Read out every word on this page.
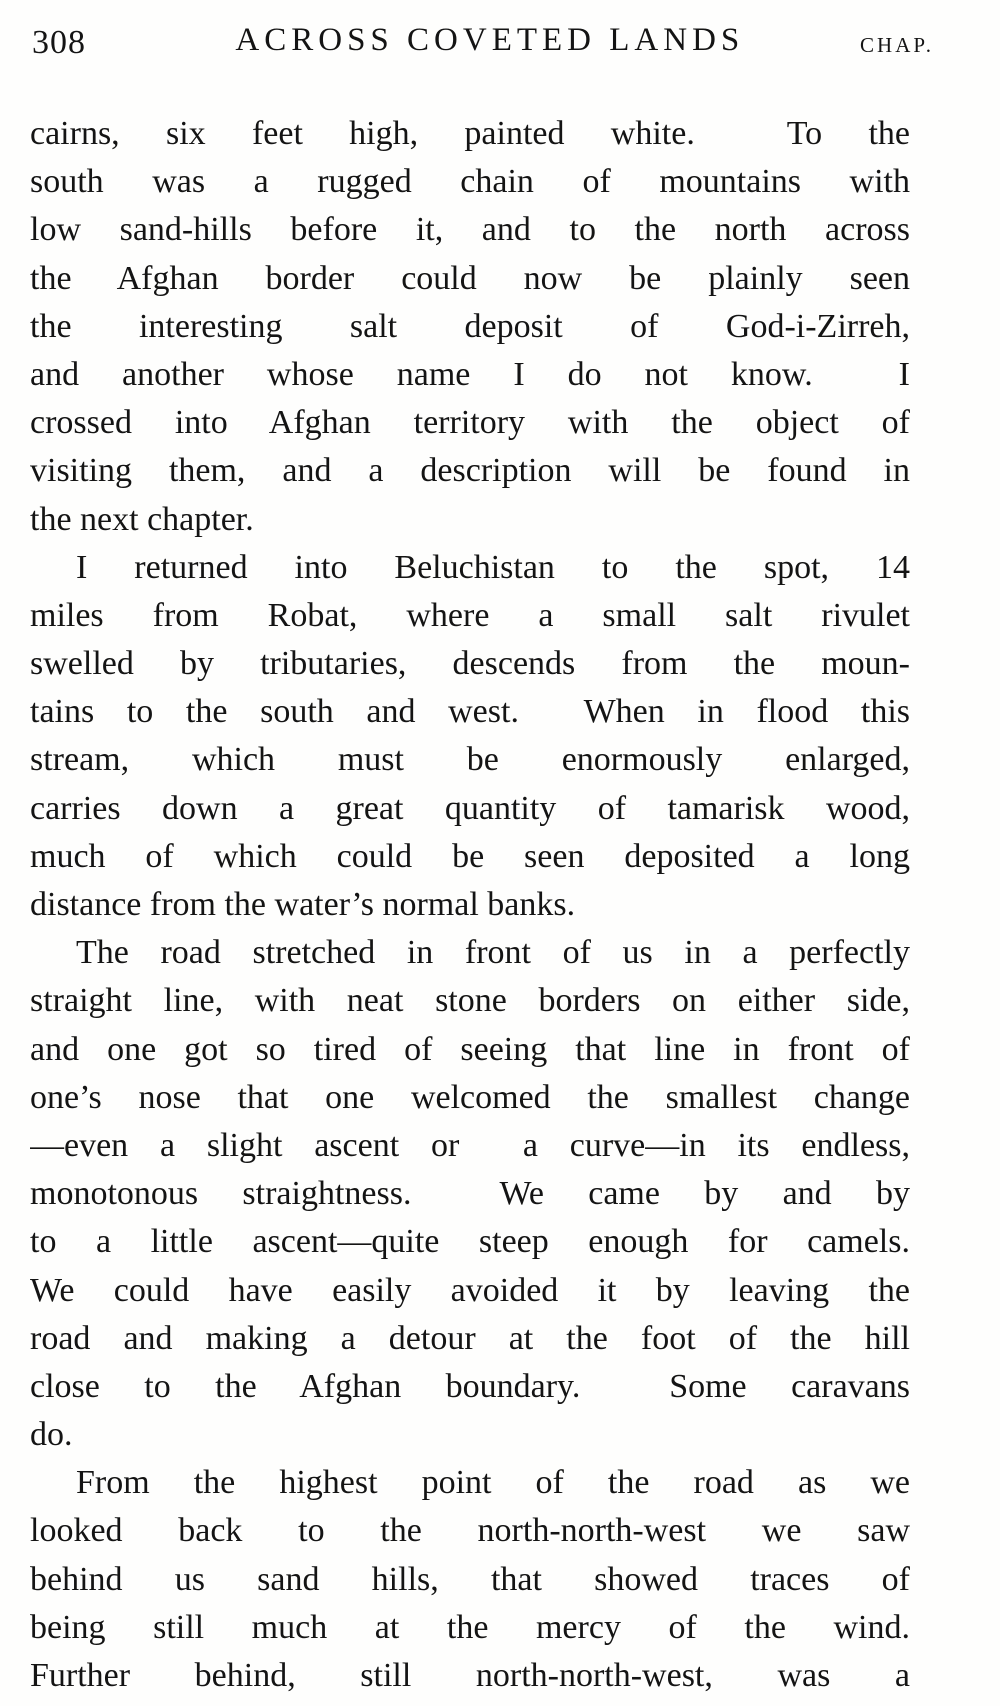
308	ACROSS COVETED LANDS	CHAP.
cairns, six feet high, painted white.  To the
south was a rugged chain of mountains with
low sand-hills before it, and to the north across
the Afghan border could now be plainly seen
the interesting salt deposit of God-i-Zirreh,
and another whose name I do not know.  I
crossed into Afghan territory with the object of
visiting them, and a description will be found in
the next chapter.
I returned into Beluchistan to the spot, 14
miles from Robat, where a small salt rivulet
swelled by tributaries, descends from the moun-
tains to the south and west.  When in flood this
stream, which must be enormously enlarged,
carries down a great quantity of tamarisk wood,
much of which could be seen deposited a long
distance from the water’s normal banks.
The road stretched in front of us in a perfectly
straight line, with neat stone borders on either side,
and one got so tired of seeing that line in front of
one’s nose that one welcomed the smallest change
—even a slight ascent or  a curve—in its endless,
monotonous straightness.  We came by and by
to a little ascent—quite steep enough for camels.
We could have easily avoided it by leaving the
road and making a detour at the foot of the hill
close to the Afghan boundary.  Some caravans
do.
From the highest point of the road as we
looked back to the north-north-west we saw
behind us sand hills, that showed traces of
being still much at the mercy of the wind.
Further behind, still north-north-west, was a
